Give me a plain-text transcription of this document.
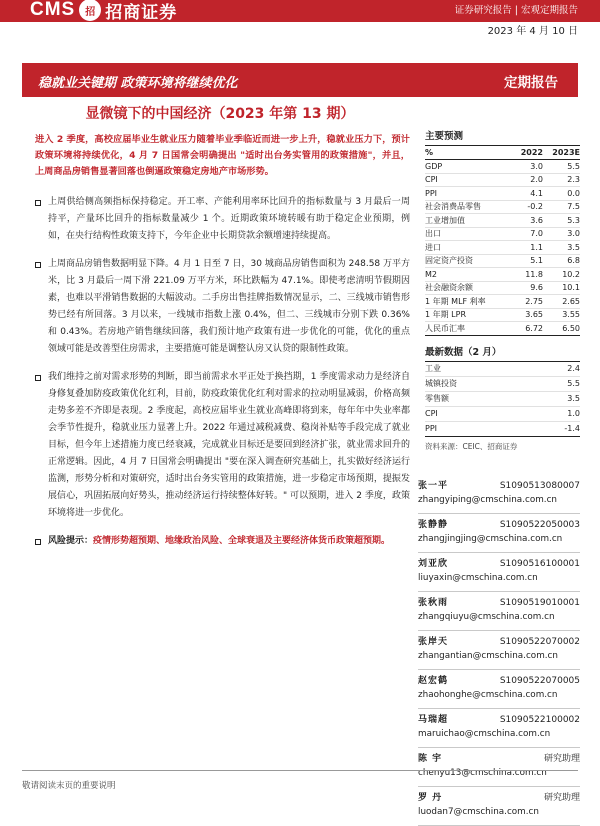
CMS	招 招商证券	证券研究报告 | 宏观定期报告
2023 年 4 月 10 日
稳就业关键期 政策环境将继续优化	定期报告
显微镜下的中国经济（2023 年第 13 期）
进入 2 季度，高校应届毕业生就业压力随着毕业季临近而进一步上升，稳就业压力下，预计政策环境将持续优化，4 月 7 日国常会明确提出 "适时出台务实管用的政策措施"，并且，上周商品房销售显著回落也倒逼政策稳定房地产市场形势。
上周供给侧高频指标保持稳定。开工率、产能利用率环比回升的指标数量与 3 月最后一周持平，产量环比回升的指标数量减少 1 个。近期政策环境转暖有助于稳定企业预期，例如，在央行结构性政策支持下，今年企业中长期贷款余额增速持续提高。
上周商品房销售数据明显下降。4 月 1 日至 7 日，30 城商品房销售面积为 248.58 万平方米，比 3 月最后一周下滑 221.09 万平方米，环比跌幅为 47.1%。即使考虑清明节假期因素，也难以平滑销售数据的大幅波动。二手房出售挂牌指数情况显示，二、三线城市销售形势已经有所回落。3 月以来，一线城市指数上涨 0.4%，但二、三线城市分别下跌 0.36% 和 0.43%。若房地产销售继续回落，我们预计地产政策有进一步优化的可能，优化的重点领域可能是改善型住房需求，主要措施可能是调整认房又认贷的限制性政策。
我们维持之前对需求形势的判断，即当前需求水平正处于换挡期，1 季度需求动力是经济自身修复叠加防疫政策优化红利，目前，防疫政策优化红利对需求的拉动明显减弱，价格高频走势多差不齐即是表现。2 季度起，高校应届毕业生就业高峰即将到来，每年年中失业率都会季节性提升，稳就业压力显著上升。2022 年通过减税减费、稳岗补贴等手段完成了就业目标，但今年上述措施力度已经衰减，完成就业目标还是要回到经济扩张，就业需求回升的正常逻辑。因此，4 月 7 日国常会明确提出 "要在深入调查研究基础上，扎实做好经济运行监测，形势分析和对策研究，适时出台务实管用的政策措施，进一步稳定市场预期，提振发展信心，巩固拓展向好势头，推动经济运行持续整体好转。" 可以预期，进入 2 季度，政策环境将进一步优化。
风险提示：疫情形势超预期、地缘政治风险、全球衰退及主要经济体货币政策超预期。
主要预测
%	2022	2023E
GDP	3.0	5.5
CPI	2.0	2.3
PPI	4.1	0.0
社会消费品零售	-0.2	7.5
工业增加值	3.6	5.3
出口	7.0	3.0
进口	1.1	3.5
固定资产投资	5.1	6.8
M2	11.8	10.2
社会融资余额	9.6	10.1
1 年期 MLF 利率	2.75	2.65
1 年期 LPR	3.65	3.55
人民币汇率	6.72	6.50
最新数据（2 月）
工业	2.4
城镇投资	5.5
零售额	3.5
CPI	1.0
PPI	-1.4
资料来源：CEIC、招商证券
张一平	S1090513080007
zhangyiping@cmschina.com.cn
张静静	S1090522050003
zhangjingjing@cmschina.com.cn
刘亚欣	S1090516100001
liuyaxin@cmschina.com.cn
张秋雨	S1090519010001
zhangqiuyu@cmschina.com.cn
张岸天	S1090522070002
zhangantian@cmschina.com.cn
赵宏鹤	S1090522070005
zhaohonghe@cmschina.com.cn
马瑞超	S1090522100002
maruichao@cmschina.com.cn
陈 宇	研究助理
chenyu13@cmschina.com.cn
罗 丹	研究助理
luodan7@cmschina.com.cn
敬请阅读末页的重要说明
